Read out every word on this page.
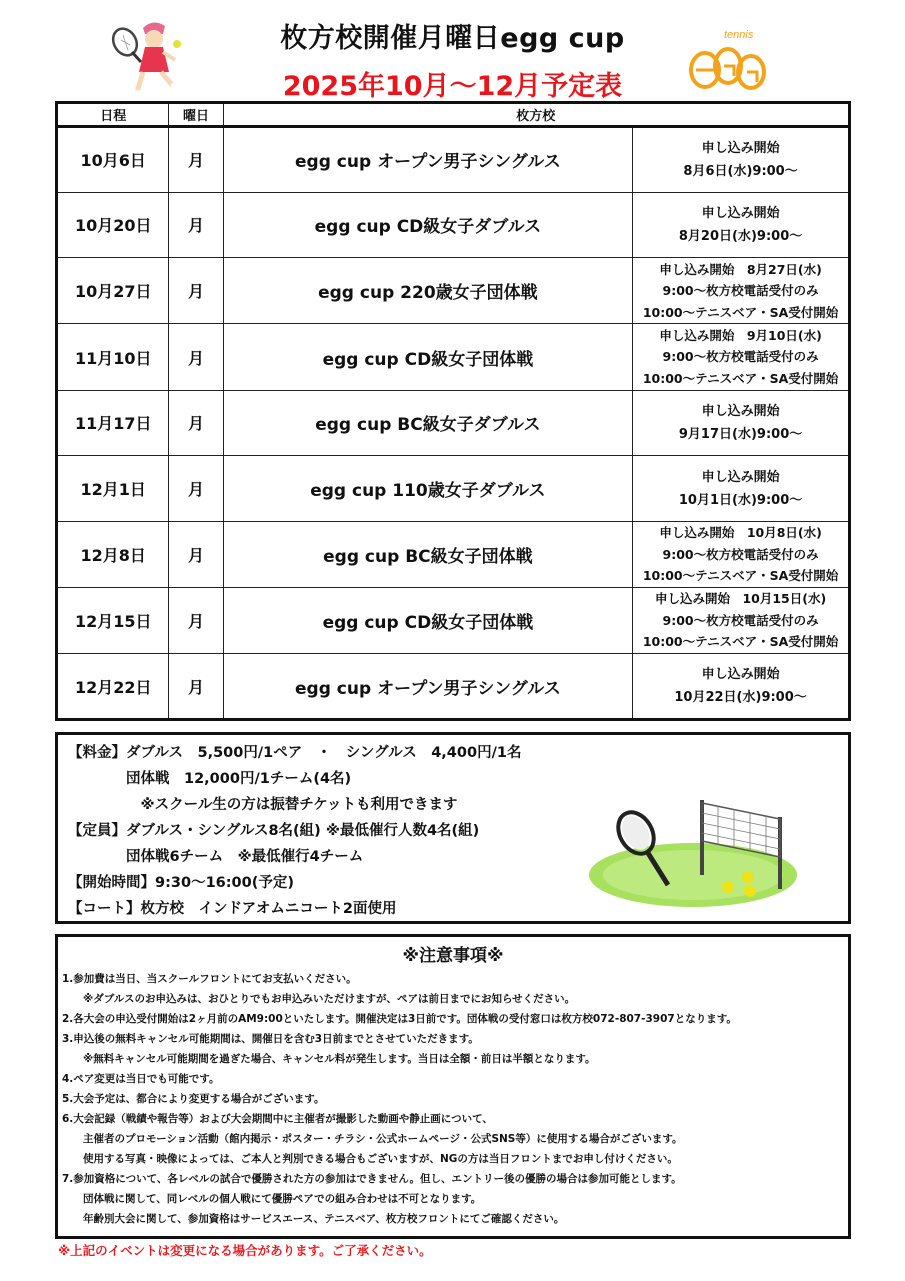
枚方校開催月曜日egg cup
2025年10月～12月予定表
tennis
日程	曜日	枚方校	
10月6日	月	egg cup オープン男子シングルス	申し込み開始
8月6日(水)9:00～
10月20日	月	egg cup CD級女子ダブルス	申し込み開始
8月20日(水)9:00～
10月27日	月	egg cup 220歳女子団体戦	申し込み開始　8月27日(水)
9:00～枚方校電話受付のみ
10:00～テニスベア・SA受付開始
11月10日	月	egg cup CD級女子団体戦	申し込み開始　9月10日(水)
9:00～枚方校電話受付のみ
10:00～テニスベア・SA受付開始
11月17日	月	egg cup BC級女子ダブルス	申し込み開始
9月17日(水)9:00～
12月1日	月	egg cup 110歳女子ダブルス	申し込み開始
10月1日(水)9:00～
12月8日	月	egg cup BC級女子団体戦	申し込み開始　10月8日(水)
9:00～枚方校電話受付のみ
10:00～テニスベア・SA受付開始
12月15日	月	egg cup CD級女子団体戦	申し込み開始　10月15日(水)
9:00～枚方校電話受付のみ
10:00～テニスベア・SA受付開始
12月22日	月	egg cup オープン男子シングルス	申し込み開始
10月22日(水)9:00～
【料金】ダブルス　5,500円/1ペア　・　シングルス　4,400円/1名
　　　　団体戦　12,000円/1チーム(4名)
　　　　　※スクール生の方は振替チケットも利用できます
【定員】ダブルス・シングルス8名(組) ※最低催行人数4名(組)
　　　　団体戦6チーム　※最低催行4チーム
【開始時間】9:30～16:00(予定)
【コート】枚方校　インドアオムニコート2面使用
※注意事項※
1.参加費は当日、当スクールフロントにてお支払いください。
　　※ダブルスのお申込みは、おひとりでもお申込みいただけますが、ペアは前日までにお知らせください。
2.各大会の申込受付開始は2ヶ月前のAM9:00といたします。開催決定は3日前です。団体戦の受付窓口は枚方校072-807-3907となります。
3.申込後の無料キャンセル可能期間は、開催日を含む3日前までとさせていただきます。
　　※無料キャンセル可能期間を過ぎた場合、キャンセル料が発生します。当日は全額・前日は半額となります。
4.ペア変更は当日でも可能です。
5.大会予定は、都合により変更する場合がございます。
6.大会記録（戦績や報告等）および大会期間中に主催者が撮影した動画や静止画について、
　　主催者のプロモーション活動（館内掲示・ポスター・チラシ・公式ホームページ・公式SNS等）に使用する場合がございます。
　　使用する写真・映像によっては、ご本人と判別できる場合もございますが、NGの方は当日フロントまでお申し付けください。
7.参加資格について、各レベルの試合で優勝された方の参加はできません。但し、エントリー後の優勝の場合は参加可能とします。
　　団体戦に関して、同レベルの個人戦にて優勝ペアでの組み合わせは不可となります。
　　年齢別大会に関して、参加資格はサービスエース、テニスベア、枚方校フロントにてご確認ください。
※上記のイベントは変更になる場合があります。ご了承ください。
